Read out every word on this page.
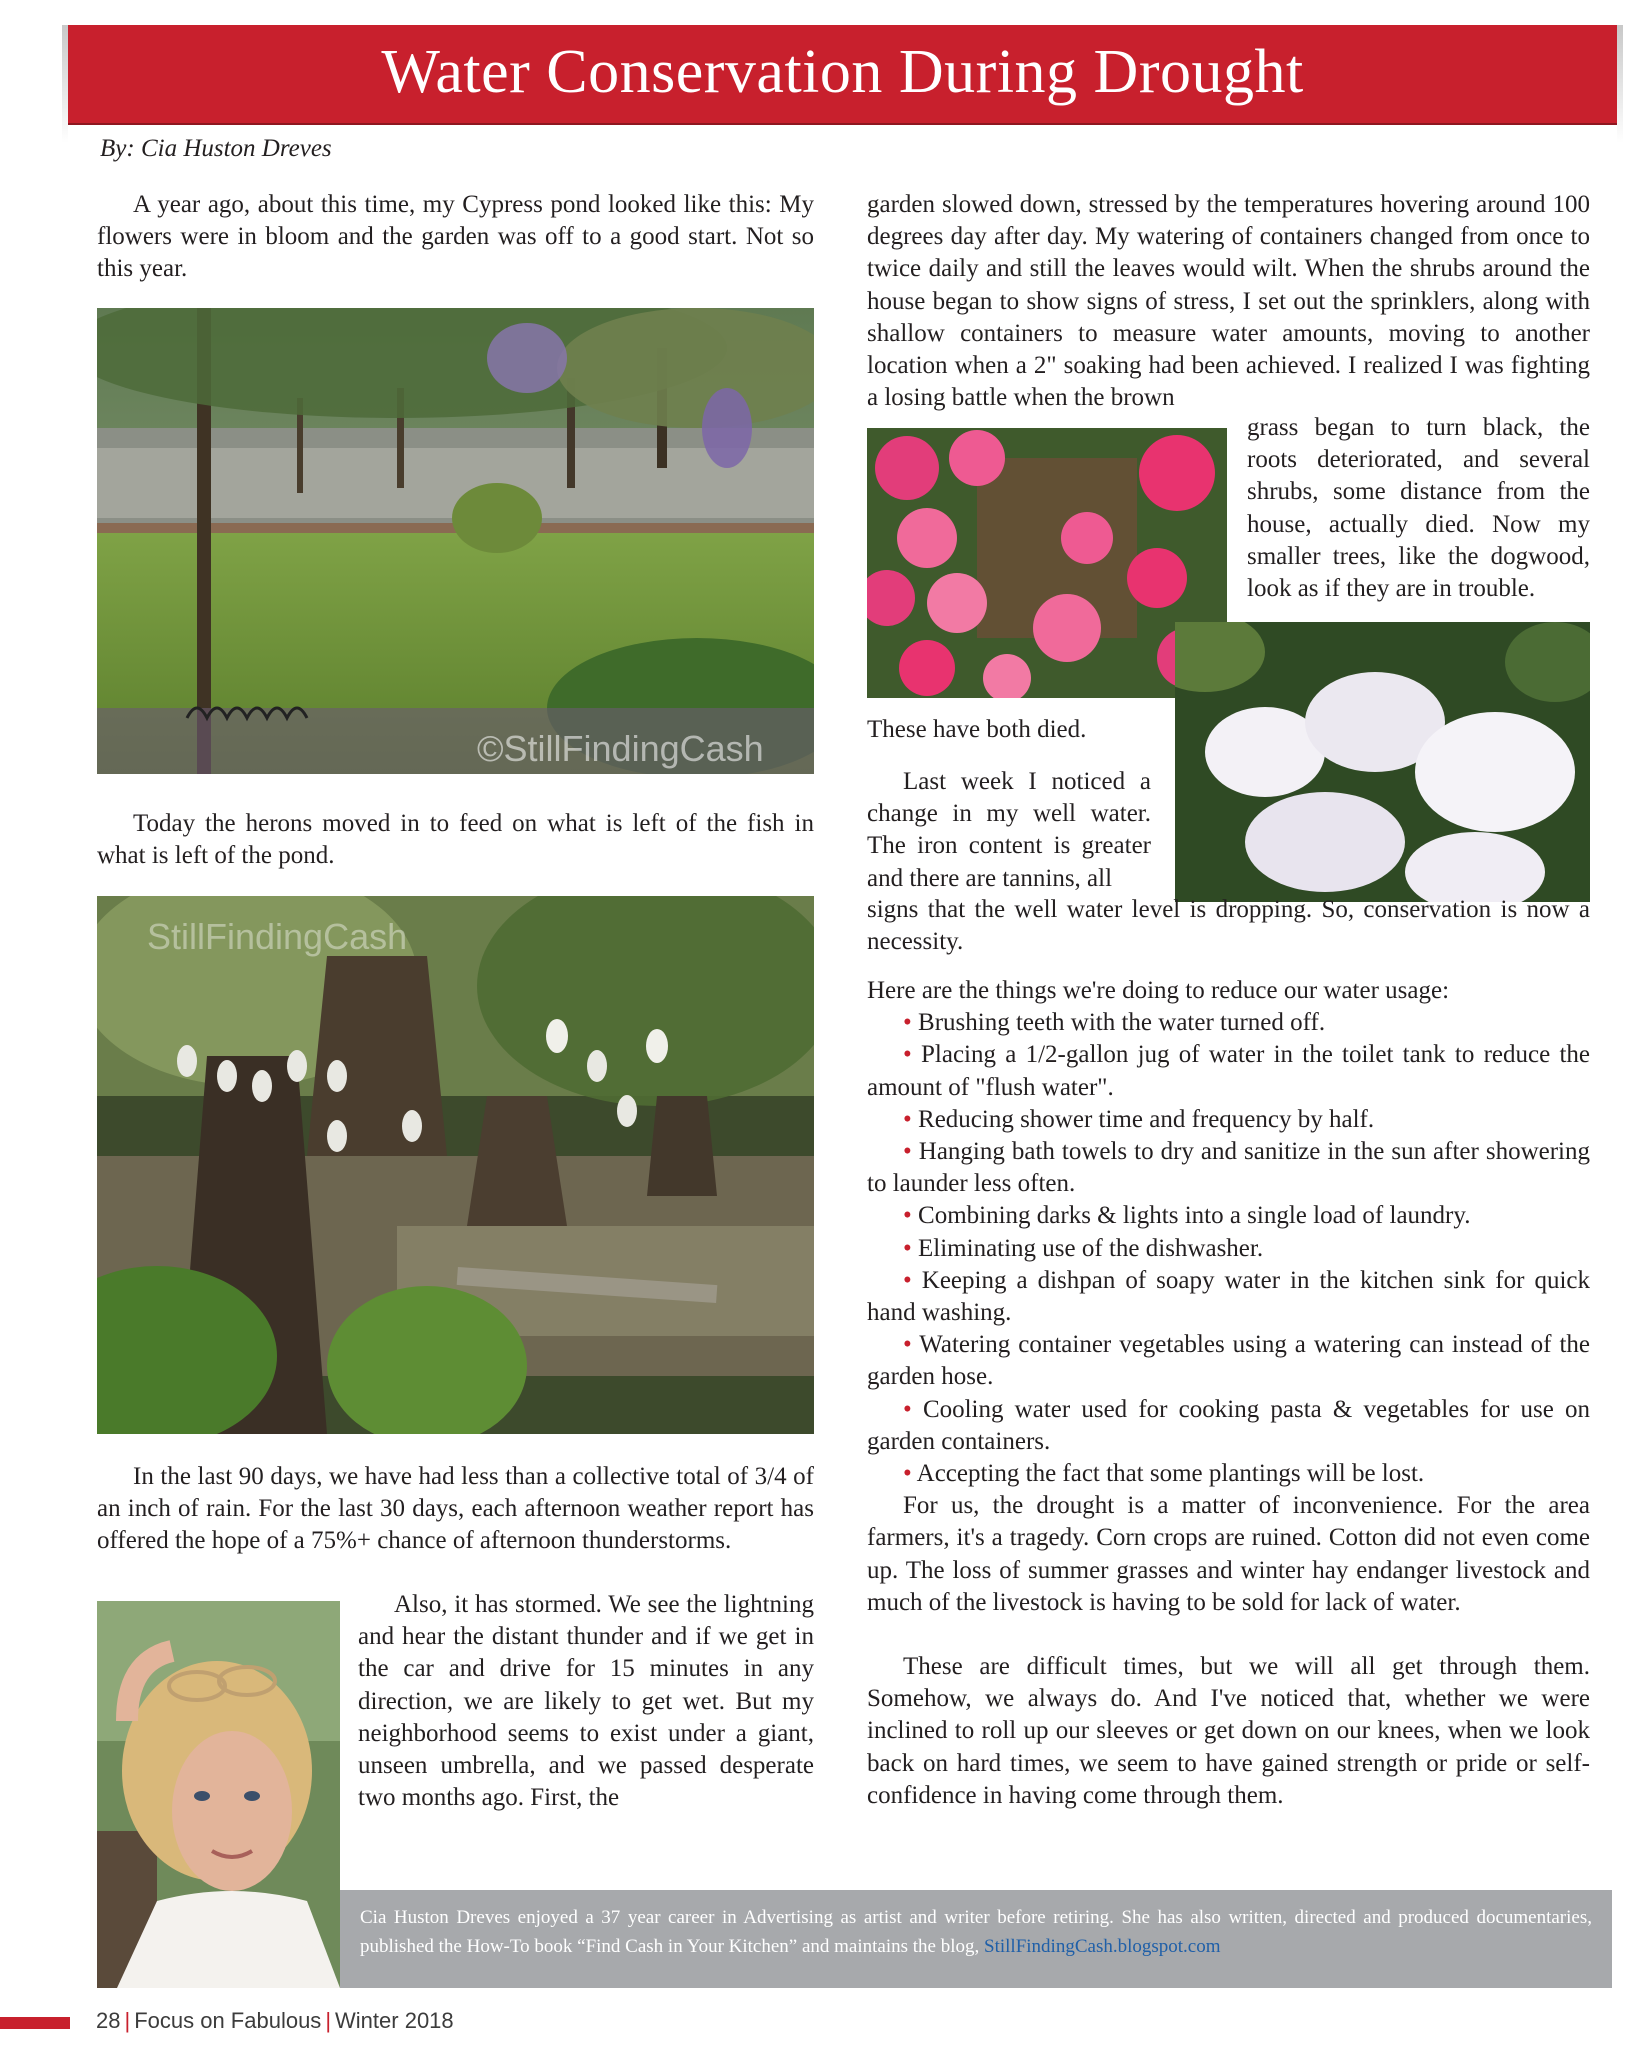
Water Conservation During Drought
By: Cia Huston Dreves

A year ago, about this time, my Cypress pond looked like this: My flowers were in bloom and the garden was off to a good start. Not so this year.

©StillFindingCash

Today the herons moved in to feed on what is left of the fish in what is left of the pond.

StillFindingCash

In the last 90 days, we have had less than a collective total of 3/4 of an inch of rain. For the last 30 days, each afternoon weather report has offered the hope of a 75%+ chance of afternoon thunderstorms.

Also, it has stormed. We see the lightning and hear the distant thunder and if we get in the car and drive for 15 minutes in any direction, we are likely to get wet. But my neighborhood seems to exist under a giant, unseen umbrella, and we passed desperate two months ago. First, the

garden slowed down, stressed by the temperatures hovering around 100 degrees day after day. My watering of containers changed from once to twice daily and still the leaves would wilt. When the shrubs around the house began to show signs of stress, I set out the sprinklers, along with shallow containers to measure water amounts, moving to another location when a 2" soaking had been achieved. I realized I was fighting a losing battle when the brown

grass began to turn black, the roots deteriorated, and several shrubs, some distance from the house, actually died. Now my smaller trees, like the dogwood, look as if they are in trouble.

These have both died.

Last week I noticed a change in my well water. The iron content is greater and there are tannins, all

signs that the well water level is dropping. So, conservation is now a necessity.

Here are the things we're doing to reduce our water usage:

• Brushing teeth with the water turned off.

• Placing a 1/2-gallon jug of water in the toilet tank to reduce the amount of "flush water".

• Reducing shower time and frequency by half.

• Hanging bath towels to dry and sanitize in the sun after showering to launder less often.

• Combining darks & lights into a single load of laundry.

• Eliminating use of the dishwasher.

• Keeping a dishpan of soapy water in the kitchen sink for quick hand washing.

• Watering container vegetables using a watering can instead of the garden hose.

• Cooling water used for cooking pasta & vegetables for use on garden containers.

• Accepting the fact that some plantings will be lost.

For us, the drought is a matter of inconvenience. For the area farmers, it's a tragedy. Corn crops are ruined. Cotton did not even come up. The loss of summer grasses and winter hay endanger livestock and much of the livestock is having to be sold for lack of water.

These are difficult times, but we will all get through them. Somehow, we always do. And I've noticed that, whether we were inclined to roll up our sleeves or get down on our knees, when we look back on hard times, we seem to have gained strength or pride or self-confidence in having come through them.

Cia Huston Dreves enjoyed a 37 year career in Advertising as artist and writer before retiring. She has also written, directed and produced documentaries, published the How-To book “Find Cash in Your Kitchen” and maintains the blog, StillFindingCash.blogspot.com

28 | Focus on Fabulous | Winter 2018
